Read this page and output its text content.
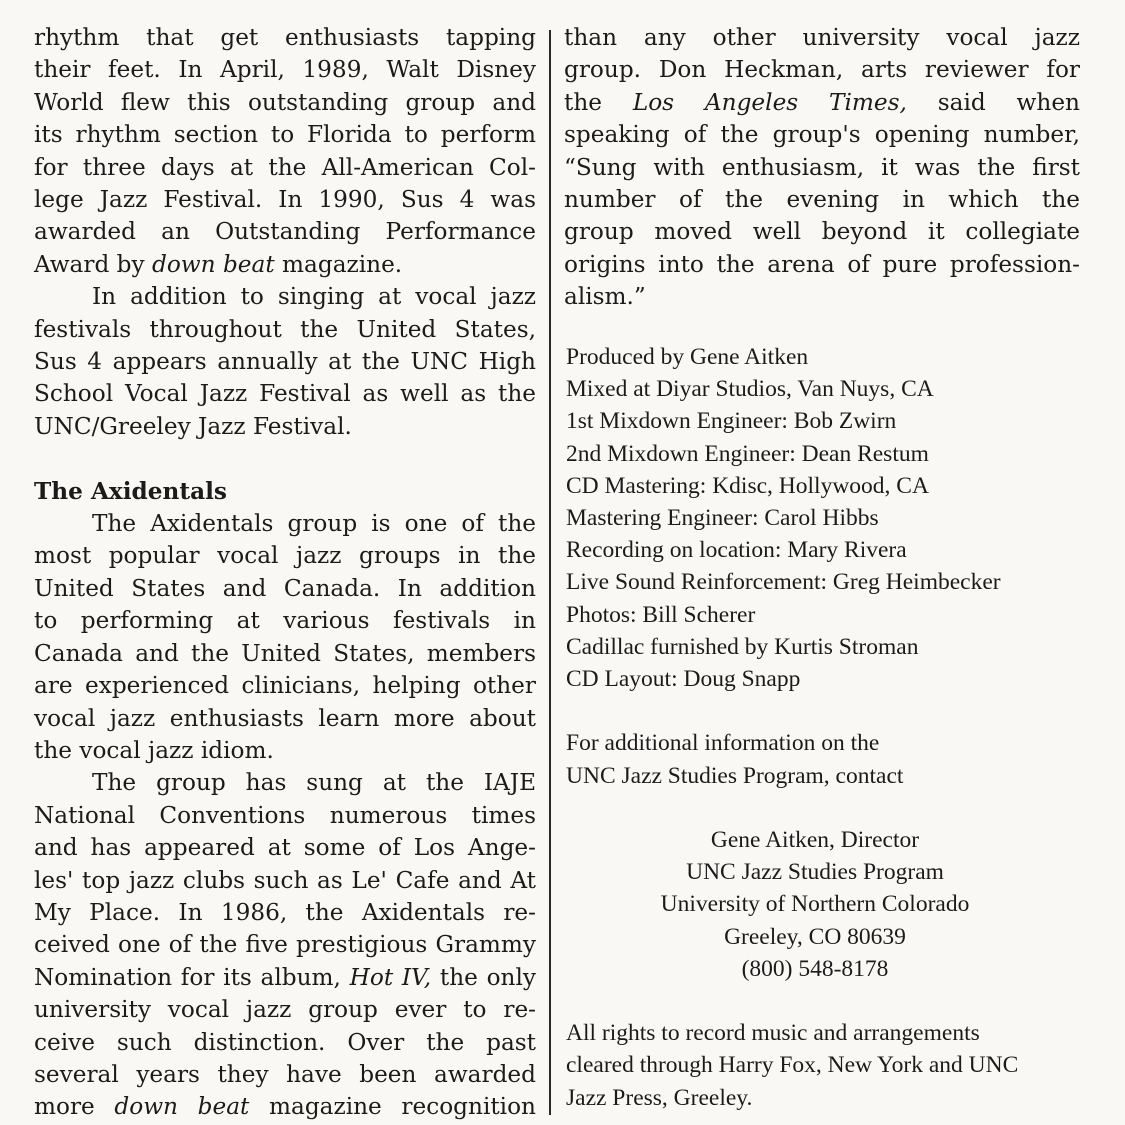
rhythm that get enthusiasts tapping
their feet. In April, 1989, Walt Disney
World flew this outstanding group and
its rhythm section to Florida to perform
for three days at the All-American Col-
lege Jazz Festival. In 1990, Sus 4 was
awarded an Outstanding Performance
Award by down beat magazine.
In addition to singing at vocal jazz
festivals throughout the United States,
Sus 4 appears annually at the UNC High
School Vocal Jazz Festival as well as the
UNC/Greeley Jazz Festival.
The Axidentals
The Axidentals group is one of the
most popular vocal jazz groups in the
United States and Canada. In addition
to performing at various festivals in
Canada and the United States, members
are experienced clinicians, helping other
vocal jazz enthusiasts learn more about
the vocal jazz idiom.
The group has sung at the IAJE
National Conventions numerous times
and has appeared at some of Los Ange-
les' top jazz clubs such as Le' Cafe and At
My Place. In 1986, the Axidentals re-
ceived one of the five prestigious Grammy
Nomination for its album, Hot IV, the only
university vocal jazz group ever to re-
ceive such distinction. Over the past
several years they have been awarded
more down beat magazine recognition
than any other university vocal jazz
group. Don Heckman, arts reviewer for
the Los Angeles Times, said when
speaking of the group's opening number,
“Sung with enthusiasm, it was the first
number of the evening in which the
group moved well beyond it collegiate
origins into the arena of pure profession-
alism.”
Produced by Gene Aitken
Mixed at Diyar Studios, Van Nuys, CA
1st Mixdown Engineer: Bob Zwirn
2nd Mixdown Engineer: Dean Restum
CD Mastering: Kdisc, Hollywood, CA
Mastering Engineer: Carol Hibbs
Recording on location: Mary Rivera
Live Sound Reinforcement: Greg Heimbecker
Photos: Bill Scherer
Cadillac furnished by Kurtis Stroman
CD Layout: Doug Snapp
For additional information on the
UNC Jazz Studies Program, contact
Gene Aitken, Director
UNC Jazz Studies Program
University of Northern Colorado
Greeley, CO 80639
(800) 548-8178
All rights to record music and arrangements
cleared through Harry Fox, New York and UNC
Jazz Press, Greeley.
